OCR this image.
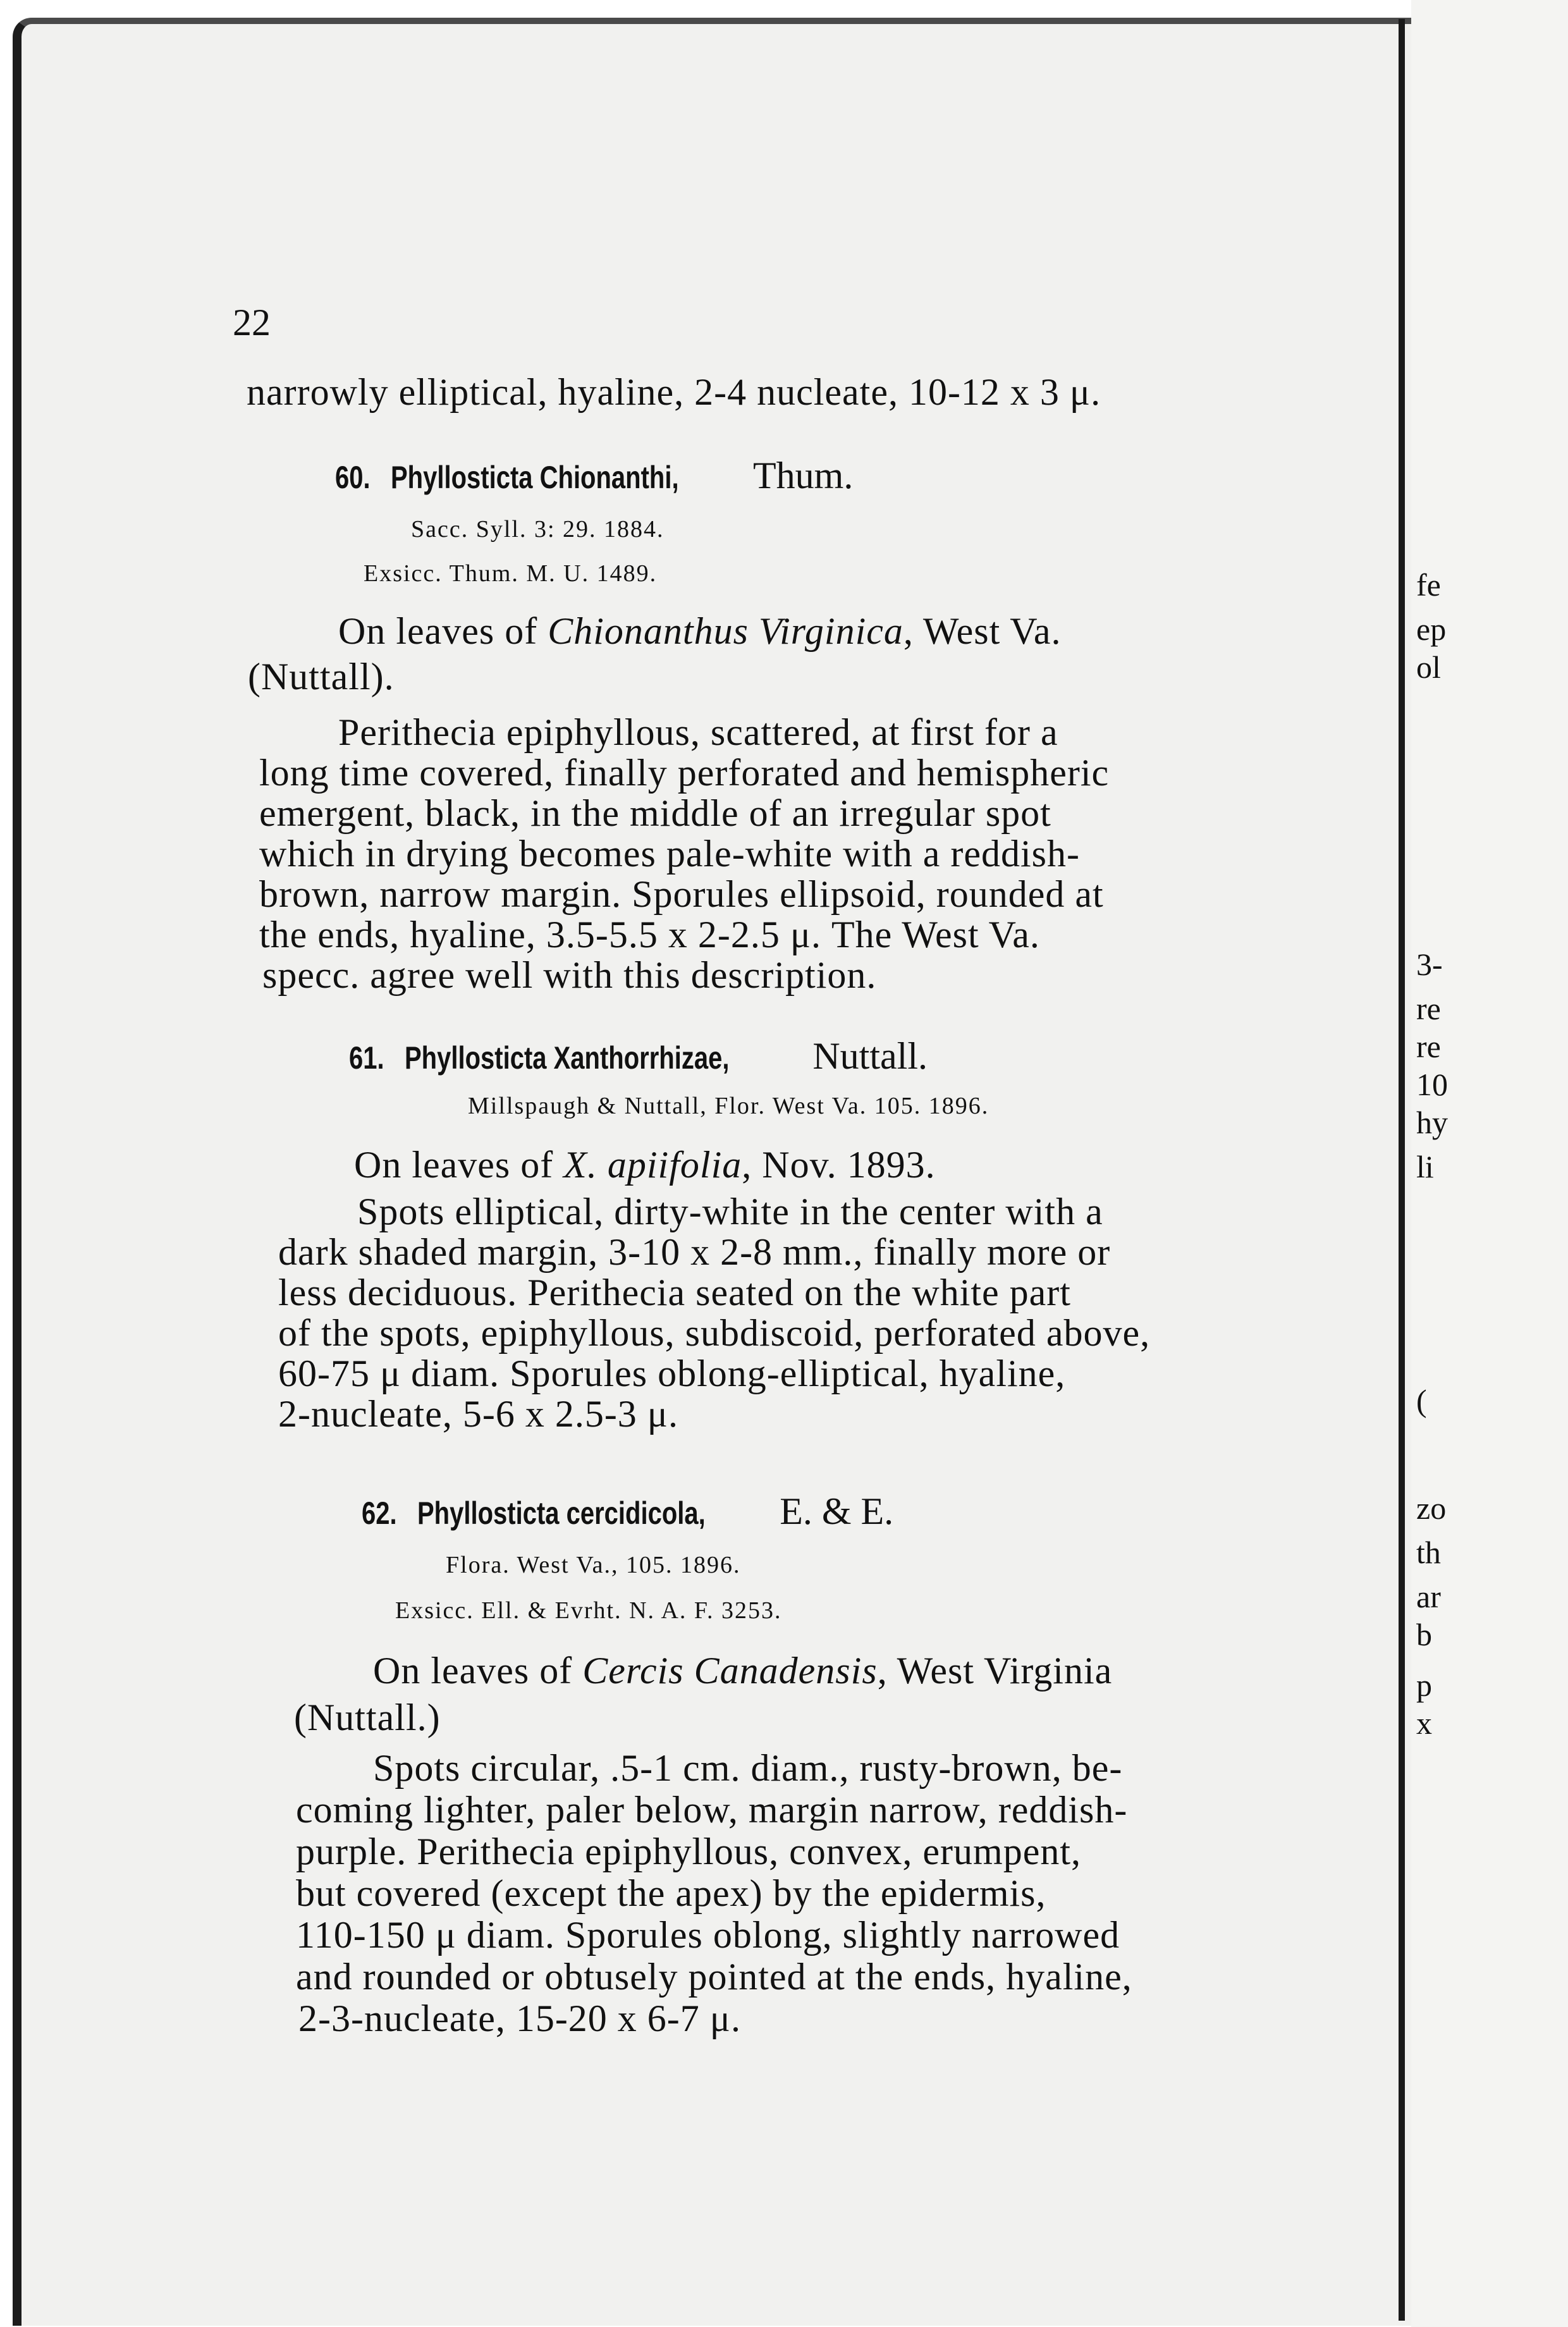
fe
ep
ol
3-
re
re
10
hy
li
(
zo
th
ar
b
p
x
22
narrowly elliptical, hyaline, 2-4 nucleate, 10-12 x 3 μ.
60. Phyllosticta Chionanthi, Thum.
Sacc. Syll. 3: 29. 1884.
Exsicc. Thum. M. U. 1489.
On leaves of Chionanthus Virginica, West Va.
(Nuttall).
Perithecia epiphyllous, scattered, at first for a
long time covered, finally perforated and hemispheric
emergent, black, in the middle of an irregular spot
which in drying becomes pale-white with a reddish-
brown, narrow margin. Sporules ellipsoid, rounded at
the ends, hyaline, 3.5-5.5 x 2-2.5 μ. The West Va.
specc. agree well with this description.
61. Phyllosticta Xanthorrhizae, Nuttall.
Millspaugh & Nuttall, Flor. West Va. 105. 1896.
On leaves of X. apiifolia, Nov. 1893.
Spots elliptical, dirty-white in the center with a
dark shaded margin, 3-10 x 2-8 mm., finally more or
less deciduous. Perithecia seated on the white part
of the spots, epiphyllous, subdiscoid, perforated above,
60-75 μ diam. Sporules oblong-elliptical, hyaline,
2-nucleate, 5-6 x 2.5-3 μ.
62. Phyllosticta cercidicola, E. & E.
Flora. West Va., 105. 1896.
Exsicc. Ell. & Evrht. N. A. F. 3253.
On leaves of Cercis Canadensis, West Virginia
(Nuttall.)
Spots circular, .5-1 cm. diam., rusty-brown, be-
coming lighter, paler below, margin narrow, reddish-
purple. Perithecia epiphyllous, convex, erumpent,
but covered (except the apex) by the epidermis,
110-150 μ diam. Sporules oblong, slightly narrowed
and rounded or obtusely pointed at the ends, hyaline,
2-3-nucleate, 15-20 x 6-7 μ.
